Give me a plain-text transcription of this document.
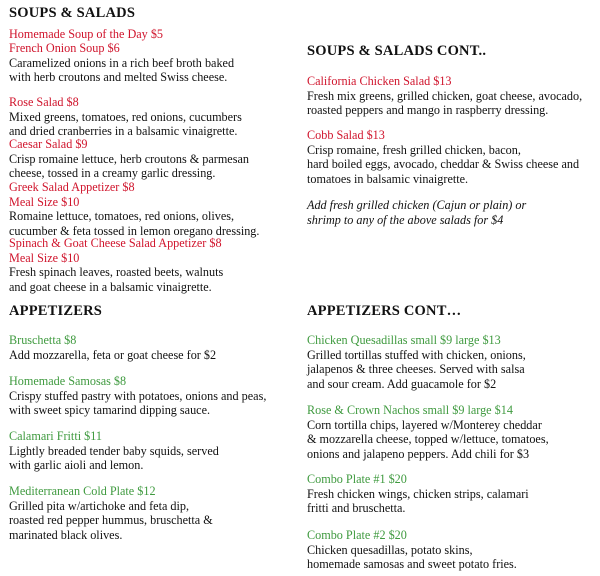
SOUPS & SALADS
Homemade Soup of the Day $5
French Onion Soup $6
Caramelized onions in a rich beef broth baked
with herb croutons and melted Swiss cheese.
Rose Salad $8
Mixed greens, tomatoes, red onions, cucumbers
and dried cranberries in a balsamic vinaigrette.
Caesar Salad $9
Crisp romaine lettuce, herb croutons & parmesan
cheese, tossed in a creamy garlic dressing.
Greek Salad Appetizer $8
Meal Size $10
Romaine lettuce, tomatoes, red onions, olives,
cucumber & feta tossed in lemon oregano dressing.
Spinach & Goat Cheese Salad Appetizer $8
Meal Size $10
Fresh spinach leaves, roasted beets, walnuts
and goat cheese in a balsamic vinaigrette.
SOUPS & SALADS CONT..
California Chicken Salad $13
Fresh mix greens, grilled chicken, goat cheese, avocado,
roasted peppers and mango in raspberry dressing.
Cobb Salad $13
Crisp romaine, fresh grilled chicken, bacon,
hard boiled eggs, avocado, cheddar & Swiss cheese and
tomatoes in balsamic vinaigrette.
Add fresh grilled chicken (Cajun or plain) or
shrimp to any of the above salads for $4
APPETIZERS
Bruschetta $8
Add mozzarella, feta or goat cheese for $2
Homemade Samosas $8
Crispy stuffed pastry with potatoes, onions and peas,
with sweet spicy tamarind dipping sauce.
Calamari Fritti $11
Lightly breaded tender baby squids, served
with garlic aioli and lemon.
Mediterranean Cold Plate $12
Grilled pita w/artichoke and feta dip,
roasted red pepper hummus, bruschetta &
marinated black olives.
APPETIZERS CONT…
Chicken Quesadillas small $9 large $13
Grilled tortillas stuffed with chicken, onions,
jalapenos & three cheeses. Served with salsa
and sour cream. Add guacamole for $2
Rose & Crown Nachos small $9 large $14
Corn tortilla chips, layered w/Monterey cheddar
& mozzarella cheese, topped w/lettuce, tomatoes,
onions and jalapeno peppers. Add chili for $3
Combo Plate #1 $20
Fresh chicken wings, chicken strips, calamari
fritti and bruschetta.
Combo Plate #2 $20
Chicken quesadillas, potato skins,
homemade samosas and sweet potato fries.
